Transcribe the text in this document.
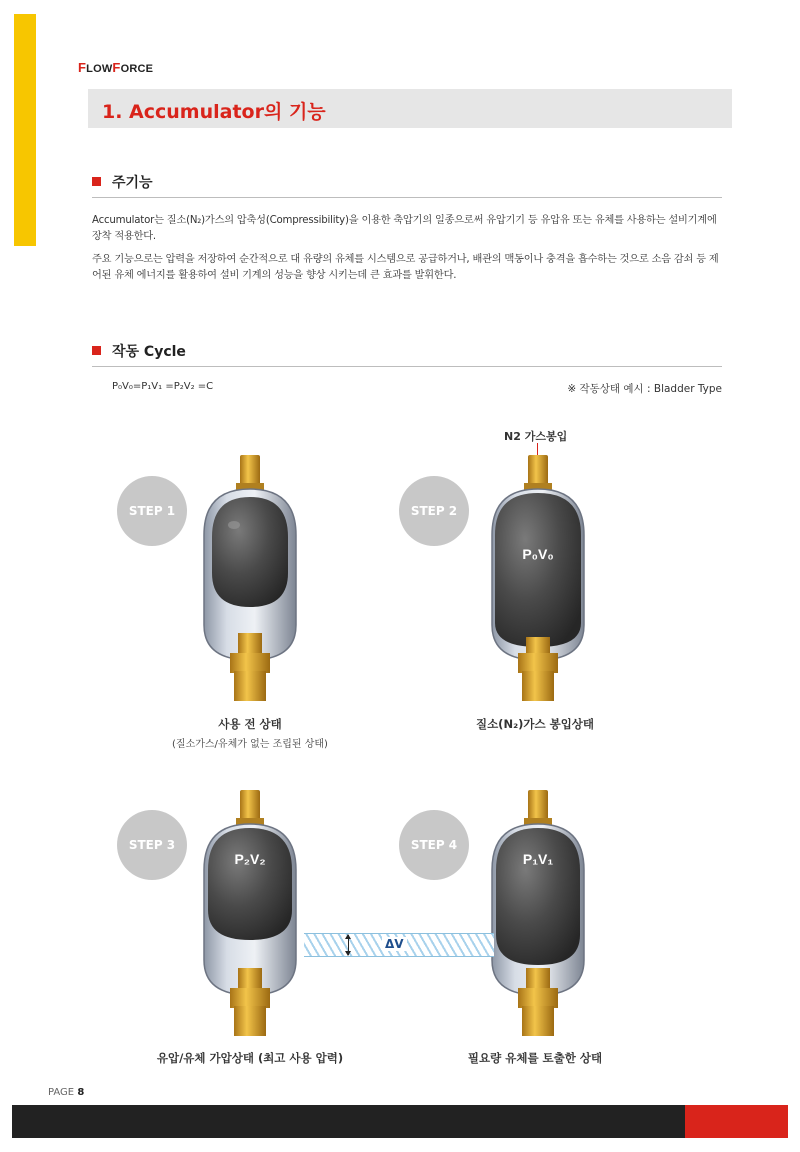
FLOWFORCE
1. Accumulator의 기능
주기능
Accumulator는 질소(N₂)가스의 압축성(Compressibility)을 이용한 축압기의 일종으로써 유압기기 등 유압유 또는 유체를 사용하는 설비기계에 장착 적용한다.
주요 기능으로는 압력을 저장하여 순간적으로 대 유량의 유체를 시스템으로 공급하거나, 배관의 맥동이나 충격을 흡수하는 것으로 소음 감쇠 등 제어된 유체 에너지를 활용하여 설비 기계의 성능을 향상 시키는데 큰 효과를 발휘한다.
작동 Cycle
P₀V₀=P₁V₁ =P₂V₂ =C	※ 작동상태 예시 : Bladder Type
STEP 1	STEP 2
STEP 3	STEP 4
N2 가스봉입
P₀V₀
P₂V₂	P₁V₁
ΔV
사용 전 상태
(질소가스/유체가 없는 조립된 상태)
질소(N₂)가스 봉입상태
유압/유체 가압상태 (최고 사용 압력)	필요량 유체를 토출한 상태
PAGE 8
